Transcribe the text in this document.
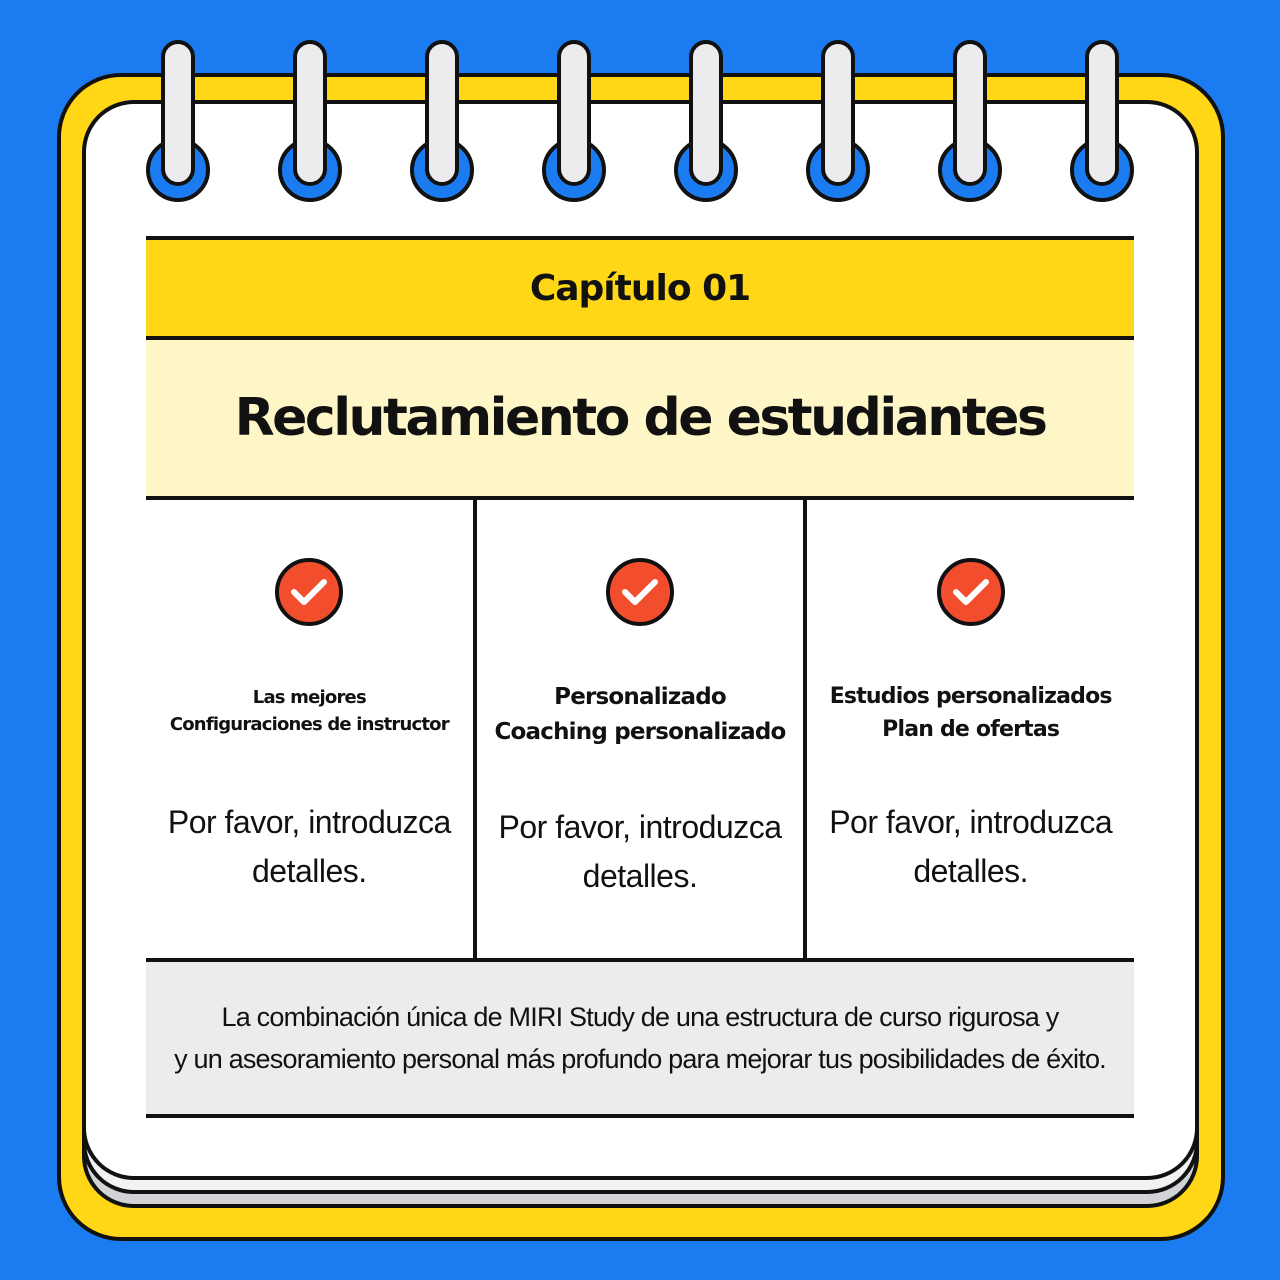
Capítulo 01
Reclutamiento de estudiantes
Las mejores
Configuraciones de instructor
Por favor, introduzca
detalles.
Personalizado
Coaching personalizado
Por favor, introduzca
detalles.
Estudios personalizados
Plan de ofertas
Por favor, introduzca
detalles.
La combinación única de MIRI Study de una estructura de curso rigurosa y
y un asesoramiento personal más profundo para mejorar tus posibilidades de éxito.
